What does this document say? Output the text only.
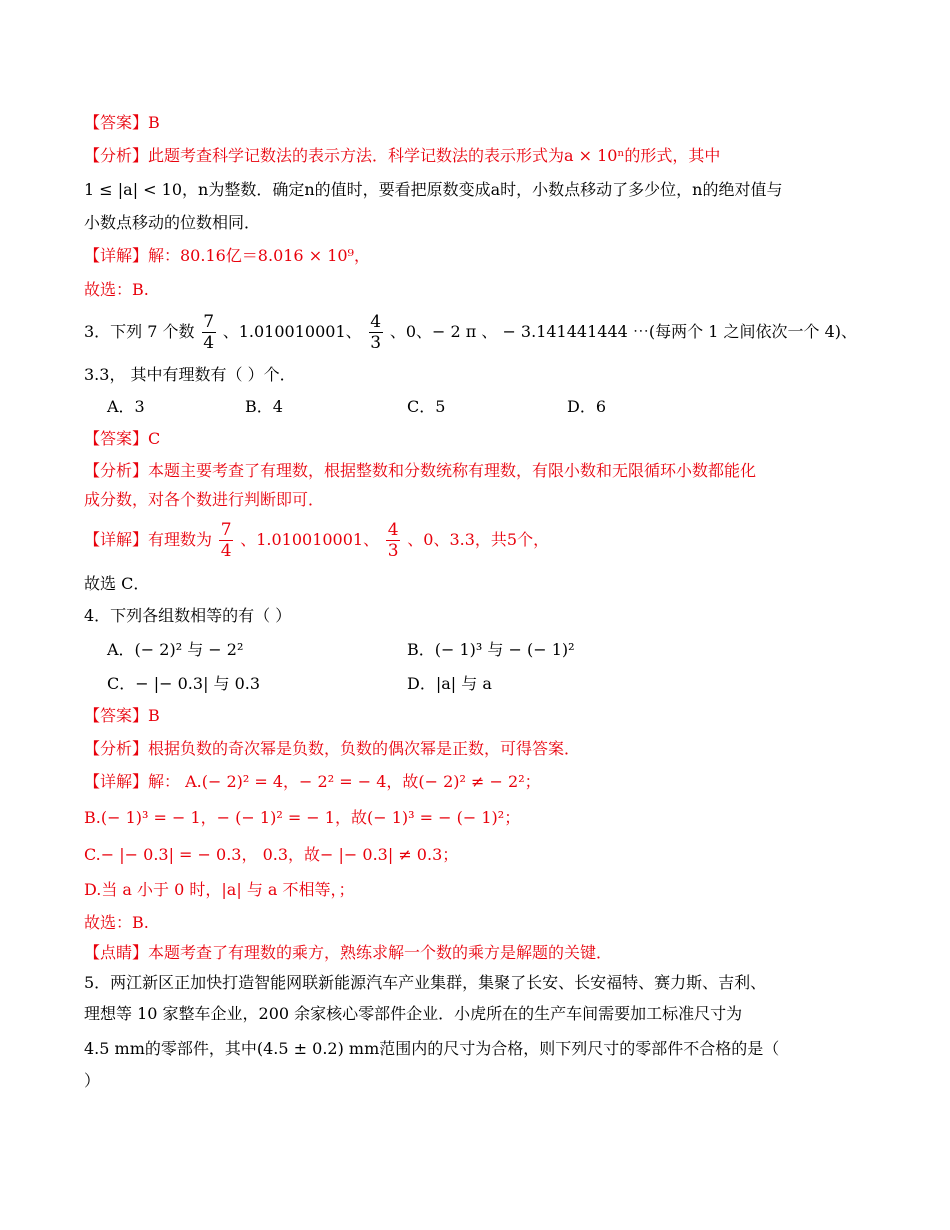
【答案】B
【分析】此题考查科学记数法的表示方法．科学记数法的表示形式为a × 10ⁿ的形式，其中
1 ≤ |a| < 10，n为整数．确定n的值时，要看把原数变成a时，小数点移动了多少位，n的绝对值与
小数点移动的位数相同．
【详解】解：80.16亿＝8.016 × 10⁹，
故选：B.
3．下列 7 个数 $\frac{7}{4}$ 、1.010010001、 $\frac{4}{3}$ 、0、− 2 π 、 − 3.141441444 ⋯(每两个 1 之间依次一个 4)、
3.3， 其中有理数有（ ）个．
A．3	B．4	C．5	D．6
【答案】C
【分析】本题主要考查了有理数，根据整数和分数统称有理数，有限小数和无限循环小数都能化
成分数，对各个数进行判断即可．
【详解】有理数为 $\frac{7}{4}$ 、1.010010001、 $\frac{4}{3}$ 、0、3.3，共5个，
故选 C．
4．下列各组数相等的有（ ）
A．(− 2)² 与 − 2²	B．(− 1)³ 与 − (− 1)²
C．− |− 0.3| 与 0.3	D．|a| 与 a
【答案】B
【分析】根据负数的奇次幂是负数，负数的偶次幂是正数，可得答案．
【详解】解： A.(− 2)² = 4，− 2² = − 4，故(− 2)² ≠ − 2²；
B.(− 1)³ = − 1，− (− 1)² = − 1，故(− 1)³ = − (− 1)²；
C.− |− 0.3| = − 0.3， 0.3，故− |− 0.3| ≠ 0.3；
D.当 a 小于 0 时，|a| 与 a 不相等，；
故选：B.
【点睛】本题考查了有理数的乘方，熟练求解一个数的乘方是解题的关键．
5．两江新区正加快打造智能网联新能源汽车产业集群，集聚了长安、长安福特、赛力斯、吉利、
理想等 10 家整车企业，200 余家核心零部件企业．小虎所在的生产车间需要加工标准尺寸为
4.5 mm的零部件，其中(4.5 ± 0.2) mm范围内的尺寸为合格，则下列尺寸的零部件不合格的是（
）
